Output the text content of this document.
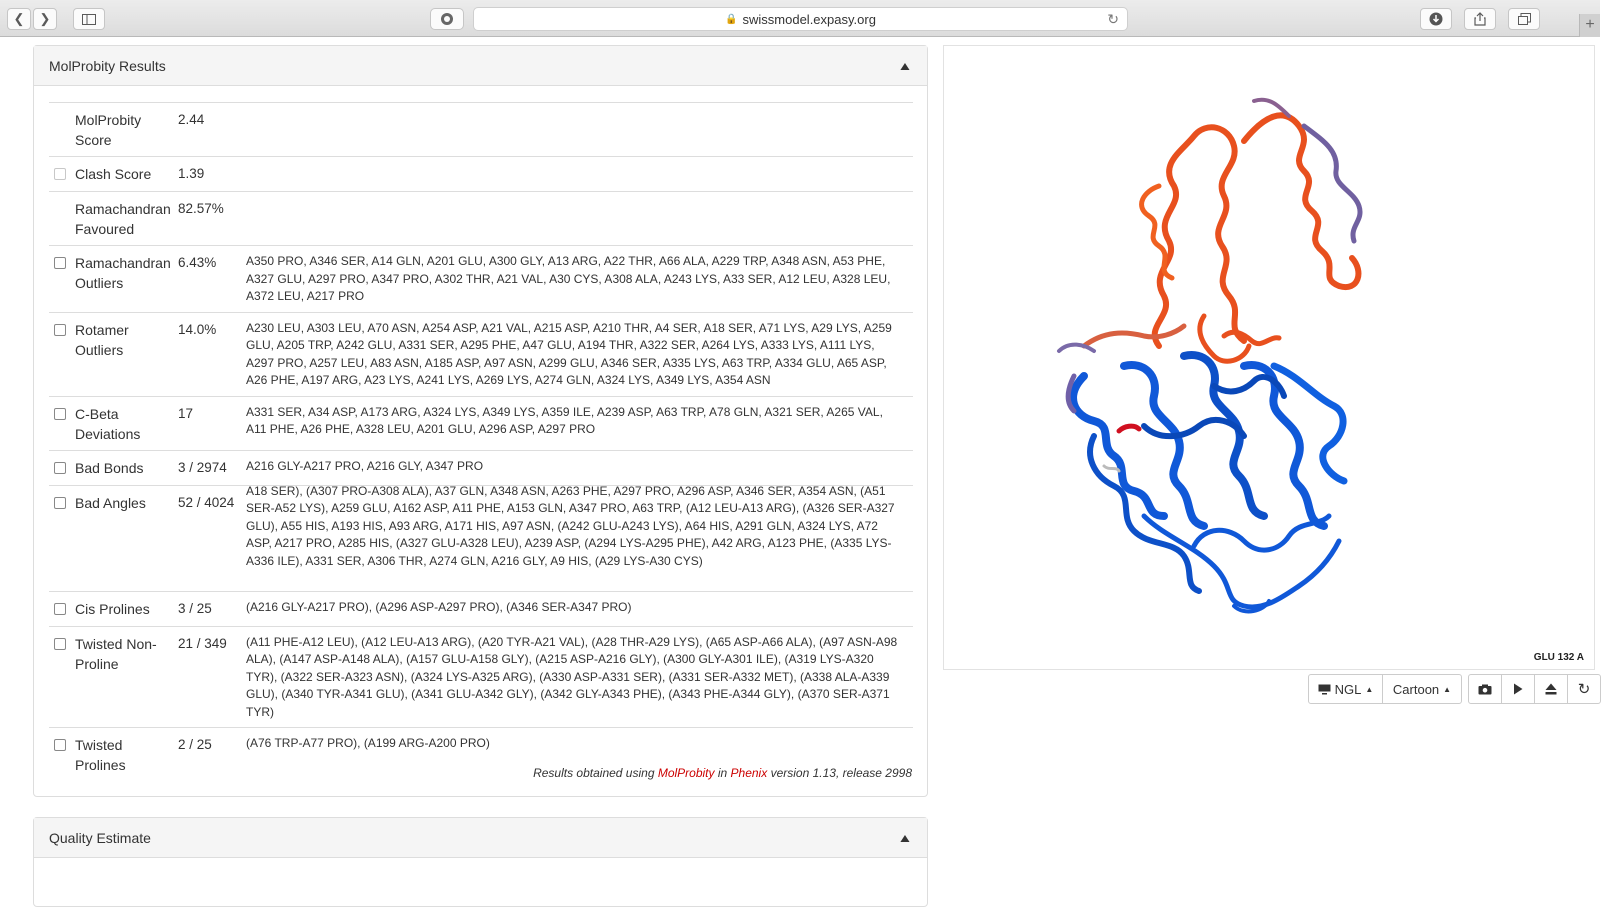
❮ ❯	🔒 swissmodel.expasy.org	↻	+
MolProbity Results	▲
	MolProbity Score	2.44	
	Clash Score	1.39	
	Ramachandran Favoured	82.57%	
	Ramachandran Outliers	6.43%	A350 PRO, A346 SER, A14 GLN, A201 GLU, A300 GLY, A13 ARG, A22 THR, A66 ALA, A229 TRP, A348 ASN, A53 PHE, A327 GLU, A297 PRO, A347 PRO, A302 THR, A21 VAL, A30 CYS, A308 ALA, A243 LYS, A33 SER, A12 LEU, A328 LEU, A372 LEU, A217 PRO
	Rotamer Outliers	14.0%	A230 LEU, A303 LEU, A70 ASN, A254 ASP, A21 VAL, A215 ASP, A210 THR, A4 SER, A18 SER, A71 LYS, A29 LYS, A259 GLU, A205 TRP, A242 GLU, A331 SER, A295 PHE, A47 GLU, A194 THR, A322 SER, A264 LYS, A333 LYS, A111 LYS, A297 PRO, A257 LEU, A83 ASN, A185 ASP, A97 ASN, A299 GLU, A346 SER, A335 LYS, A63 TRP, A334 GLU, A65 ASP, A26 PHE, A197 ARG, A23 LYS, A241 LYS, A269 LYS, A274 GLN, A324 LYS, A349 LYS, A354 ASN
	C-Beta Deviations	17	A331 SER, A34 ASP, A173 ARG, A324 LYS, A349 LYS, A359 ILE, A239 ASP, A63 TRP, A78 GLN, A321 SER, A265 VAL, A11 PHE, A26 PHE, A328 LEU, A201 GLU, A296 ASP, A297 PRO
	Bad Bonds	3 / 2974	A216 GLY-A217 PRO, A216 GLY, A347 PRO
	Bad Angles	52 / 4024	A18 SER), (A307 PRO-A308 ALA), A37 GLN, A348 ASN, A263 PHE, A297 PRO, A296 ASP, A346 SER, A354 ASN, (A51 SER-A52 LYS), A259 GLU, A162 ASP, A11 PHE, A153 GLN, A347 PRO, A63 TRP, (A12 LEU-A13 ARG), (A326 SER-A327 GLU), A55 HIS, A193 HIS, A93 ARG, A171 HIS, A97 ASN, (A242 GLU-A243 LYS), A64 HIS, A291 GLN, A324 LYS, A72 ASP, A217 PRO, A285 HIS, (A327 GLU-A328 LEU), A239 ASP, (A294 LYS-A295 PHE), A42 ARG, A123 PHE, (A335 LYS-A336 ILE), A331 SER, A306 THR, A274 GLN, A216 GLY, A9 HIS, (A29 LYS-A30 CYS)

	Cis Prolines	3 / 25	(A216 GLY-A217 PRO), (A296 ASP-A297 PRO), (A346 SER-A347 PRO)
	Twisted Non-Proline	21 / 349	(A11 PHE-A12 LEU), (A12 LEU-A13 ARG), (A20 TYR-A21 VAL), (A28 THR-A29 LYS), (A65 ASP-A66 ALA), (A97 ASN-A98 ALA), (A147 ASP-A148 ALA), (A157 GLU-A158 GLY), (A215 ASP-A216 GLY), (A300 GLY-A301 ILE), (A319 LYS-A320 TYR), (A322 SER-A323 ASN), (A324 LYS-A325 ARG), (A330 ASP-A331 SER), (A331 SER-A332 MET), (A338 ALA-A339 GLU), (A340 TYR-A341 GLU), (A341 GLU-A342 GLY), (A342 GLY-A343 PHE), (A343 PHE-A344 GLY), (A370 SER-A371 TYR)
	Twisted Prolines	2 / 25	(A76 TRP-A77 PRO), (A199 ARG-A200 PRO)
Results obtained using MolProbity in Phenix version 1.13, release 2998
Quality Estimate	▲
GLU 132 A
NGL ▲ Cartoon ▲	↻
